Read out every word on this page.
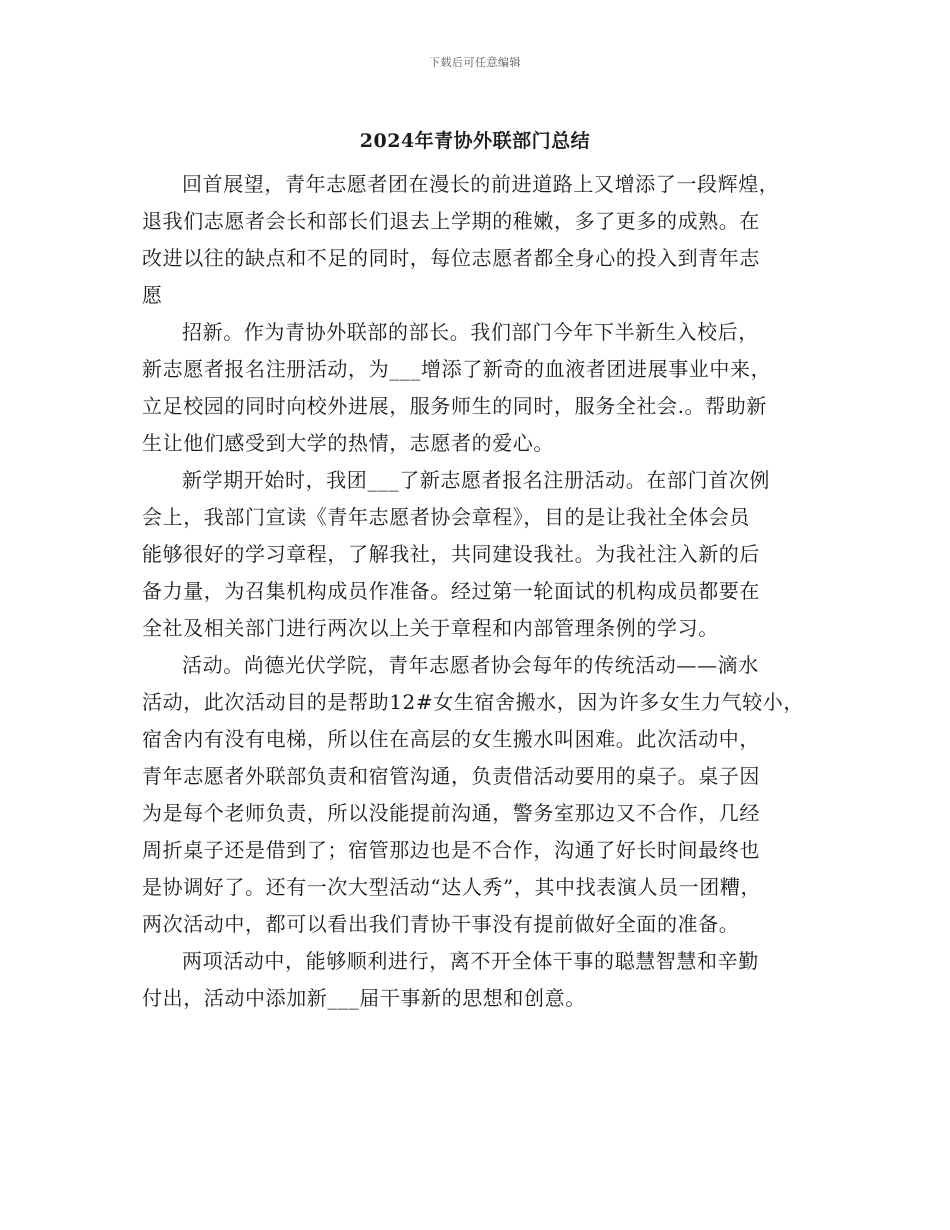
下载后可任意编辑
2024年青协外联部门总结

回首展望，青年志愿者团在漫长的前进道路上又增添了一段辉煌，
退我们志愿者会长和部长们退去上学期的稚嫩，多了更多的成熟。在
改进以往的缺点和不足的同时，每位志愿者都全身心的投入到青年志
愿

招新。作为青协外联部的部长。我们部门今年下半新生入校后，
新志愿者报名注册活动，为___增添了新奇的血液者团进展事业中来，
立足校园的同时向校外进展，服务师生的同时，服务全社会.。帮助新
生让他们感受到大学的热情，志愿者的爱心。

新学期开始时，我团___了新志愿者报名注册活动。在部门首次例
会上，我部门宣读《青年志愿者协会章程》，目的是让我社全体会员
能够很好的学习章程，了解我社，共同建设我社。为我社注入新的后
备力量，为召集机构成员作准备。经过第一轮面试的机构成员都要在
全社及相关部门进行两次以上关于章程和内部管理条例的学习。

活动。尚德光伏学院，青年志愿者协会每年的传统活动——滴水
活动，此次活动目的是帮助12#女生宿舍搬水，因为许多女生力气较小，
宿舍内有没有电梯，所以住在高层的女生搬水叫困难。此次活动中，
青年志愿者外联部负责和宿管沟通，负责借活动要用的桌子。桌子因
为是每个老师负责，所以没能提前沟通，警务室那边又不合作，几经
周折桌子还是借到了；宿管那边也是不合作，沟通了好长时间最终也
是协调好了。还有一次大型活动“达人秀”，其中找表演人员一团糟，
两次活动中，都可以看出我们青协干事没有提前做好全面的准备。

两项活动中，能够顺利进行，离不开全体干事的聪慧智慧和辛勤
付出，活动中添加新___届干事新的思想和创意。
